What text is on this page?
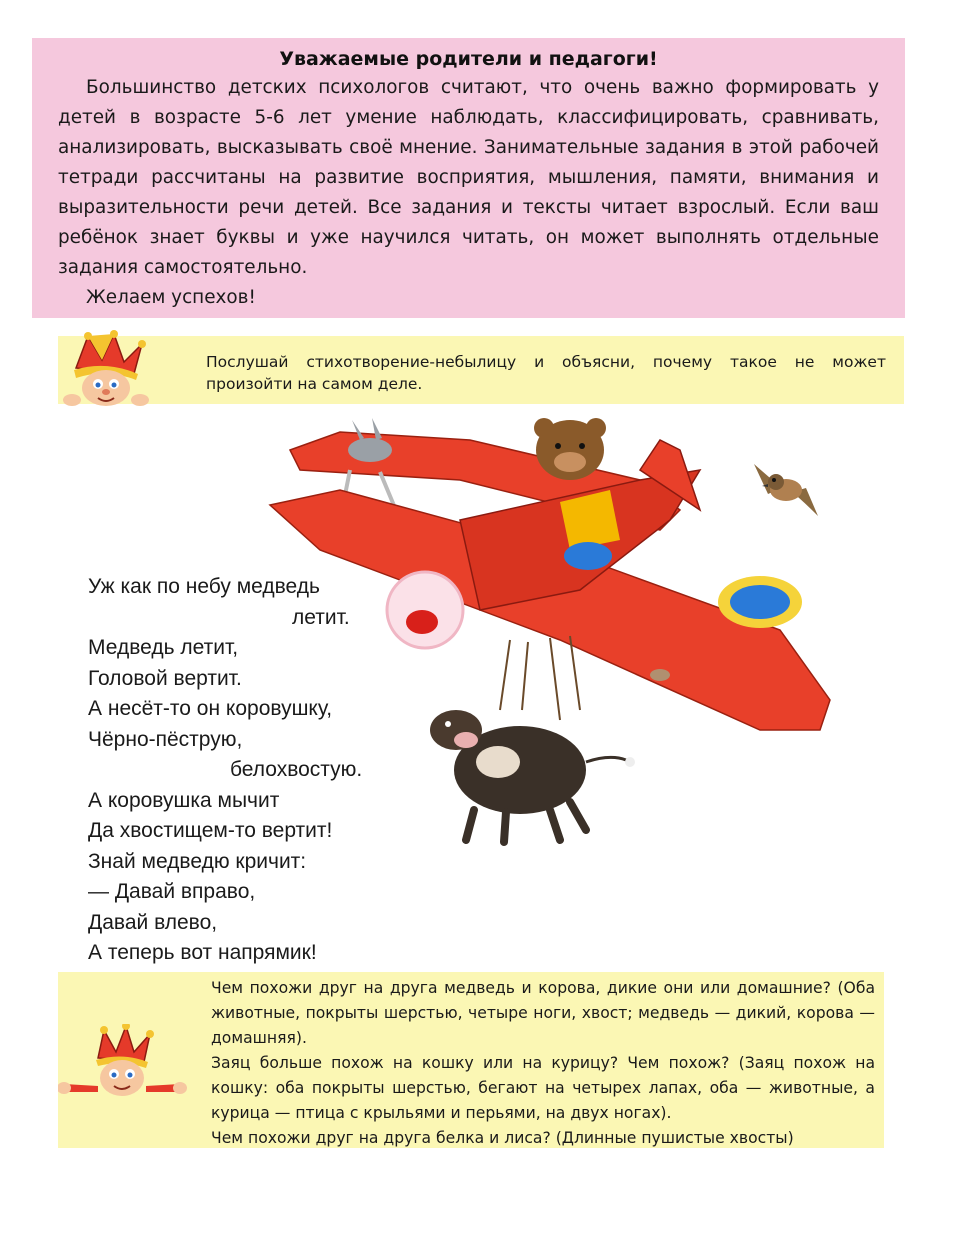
Уважаемые родители и педагоги!

Большинство детских психологов считают, что очень важно формировать у детей в возрасте 5-6 лет умение наблюдать, классифицировать, сравнивать, анализировать, высказывать своё мнение. Занимательные задания в этой рабочей тетради рассчитаны на развитие восприятия, мышления, памяти, внимания и выразительности речи детей. Все задания и тексты читает взрослый. Если ваш ребёнок знает буквы и уже научился читать, он может выполнять отдельные задания самостоятельно.

Желаем успехов!

Послушай стихотворение-небылицу и объясни, почему такое не может произойти на самом деле.
Уж как по небу медведь
летит.
Медведь летит,
Головой вертит.
А несёт-то он коровушку,
Чёрно-пёструю,
белохвостую.
А коровушка мычит
Да хвостищем-то вертит!
Знай медведю кричит:
— Давай вправо,
Давай влево,
А теперь вот напрямик!
Чем похожи друг на друга медведь и корова, дикие они или домашние? (Оба животные, покрыты шерстью, четыре ноги, хвост; медведь — дикий, корова — домашняя).
Заяц больше похож на кошку или на курицу? Чем похож? (Заяц похож на кошку: оба покрыты шерстью, бегают на четырех лапах, оба — животные, а курица — птица с крыльями и перьями, на двух ногах).
Чем похожи друг на друга белка и лиса? (Длинные пушистые хвосты)
